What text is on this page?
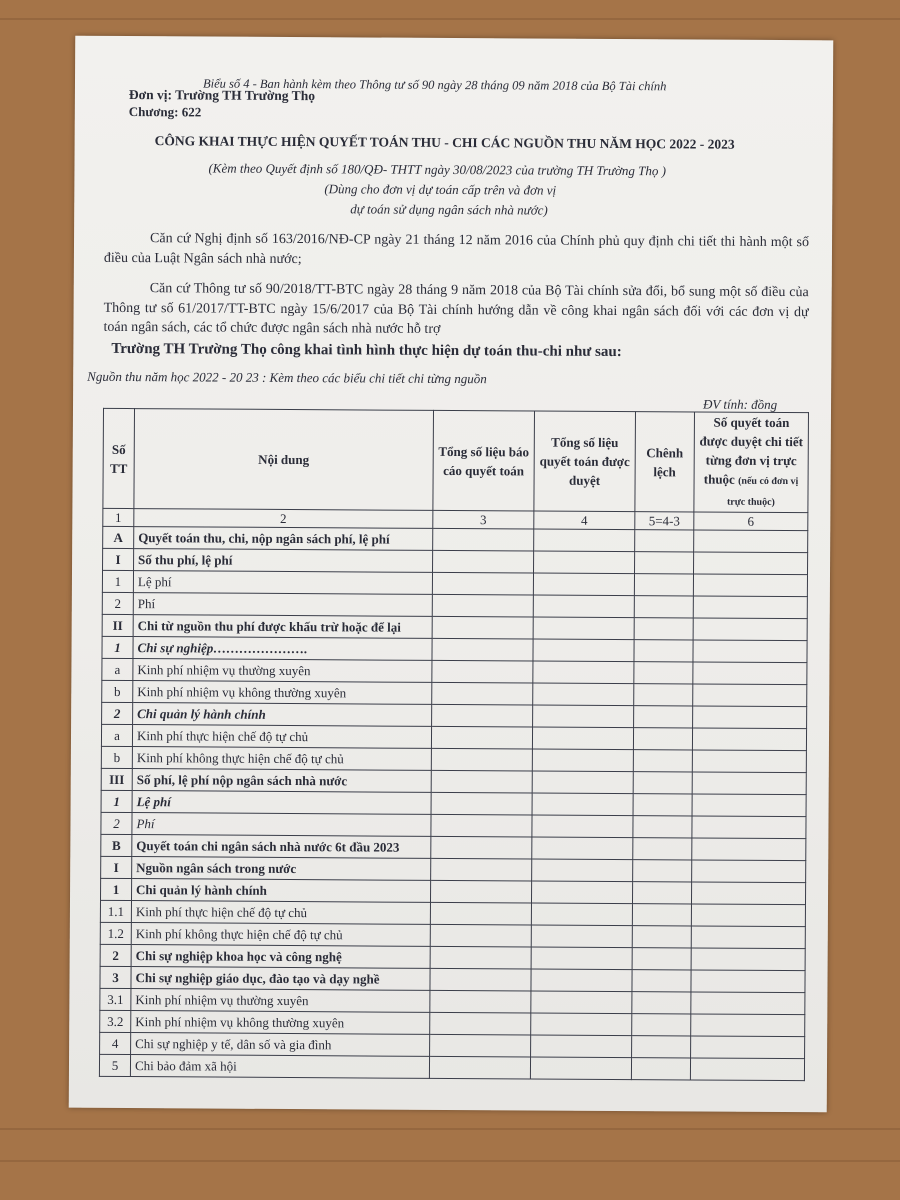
Biểu số 4 - Ban hành kèm theo Thông tư số 90 ngày 28 tháng 09 năm 2018 của Bộ Tài chính
Đơn vị: Trường TH Trường Thọ
Chương: 622
CÔNG KHAI THỰC HIỆN QUYẾT TOÁN THU - CHI CÁC NGUỒN THU NĂM HỌC 2022 - 2023
(Kèm theo Quyết định số 180/QĐ- THTT ngày 30/08/2023 của trường TH Trường Thọ )
(Dùng cho đơn vị dự toán cấp trên và đơn vị
dự toán sử dụng ngân sách nhà nước)
Căn cứ Nghị định số 163/2016/NĐ-CP ngày 21 tháng 12 năm 2016 của Chính phủ quy định chi tiết thi hành một số điều của Luật Ngân sách nhà nước;
Căn cứ Thông tư số 90/2018/TT-BTC ngày 28 tháng 9 năm 2018 của Bộ Tài chính sửa đổi, bổ sung một số điều của Thông tư số 61/2017/TT-BTC ngày 15/6/2017 của Bộ Tài chính hướng dẫn về công khai ngân sách đối với các đơn vị dự toán ngân sách, các tổ chức được ngân sách nhà nước hỗ trợ
Trường TH Trường Thọ công khai tình hình thực hiện dự toán thu-chi như sau:
Nguồn thu năm học 2022 - 20 23 : Kèm theo các biểu chi tiết chi từng nguồn
ĐV tính: đồng
Số TT	Nội dung	Tổng số liệu báo cáo quyết toán	Tổng số liệu quyết toán được duyệt	Chênh lệch	Số quyết toán được duyệt chi tiết từng đơn vị trực thuộc (nếu có đơn vị trực thuộc)
1	2	3	4	5=4-3	6
A	Quyết toán thu, chi, nộp ngân sách phí, lệ phí				
I	Số thu phí, lệ phí				
1	Lệ phí				
2	Phí				
II	Chi từ nguồn thu phí được khấu trừ hoặc để lại				
1	Chi sự nghiệp………………….				
a	Kinh phí nhiệm vụ thường xuyên				
b	Kinh phí nhiệm vụ không thường xuyên				
2	Chi quản lý hành chính				
a	Kinh phí thực hiện chế độ tự chủ				
b	Kinh phí không thực hiện chế độ tự chủ				
III	Số phí, lệ phí nộp ngân sách nhà nước				
1	Lệ phí				
2	Phí				
B	Quyết toán chi ngân sách nhà nước 6t đầu 2023				
I	Nguồn ngân sách trong nước				
1	Chi quản lý hành chính				
1.1	Kinh phí thực hiện chế độ tự chủ				
1.2	Kinh phí không thực hiện chế độ tự chủ				
2	Chi sự nghiệp khoa học và công nghệ				
3	Chi sự nghiệp giáo dục, đào tạo và dạy nghề				
3.1	Kinh phí nhiệm vụ thường xuyên				
3.2	Kinh phí nhiệm vụ không thường xuyên				
4	Chi sự nghiệp y tế, dân số và gia đình				
5	Chi bảo đảm xã hội				
